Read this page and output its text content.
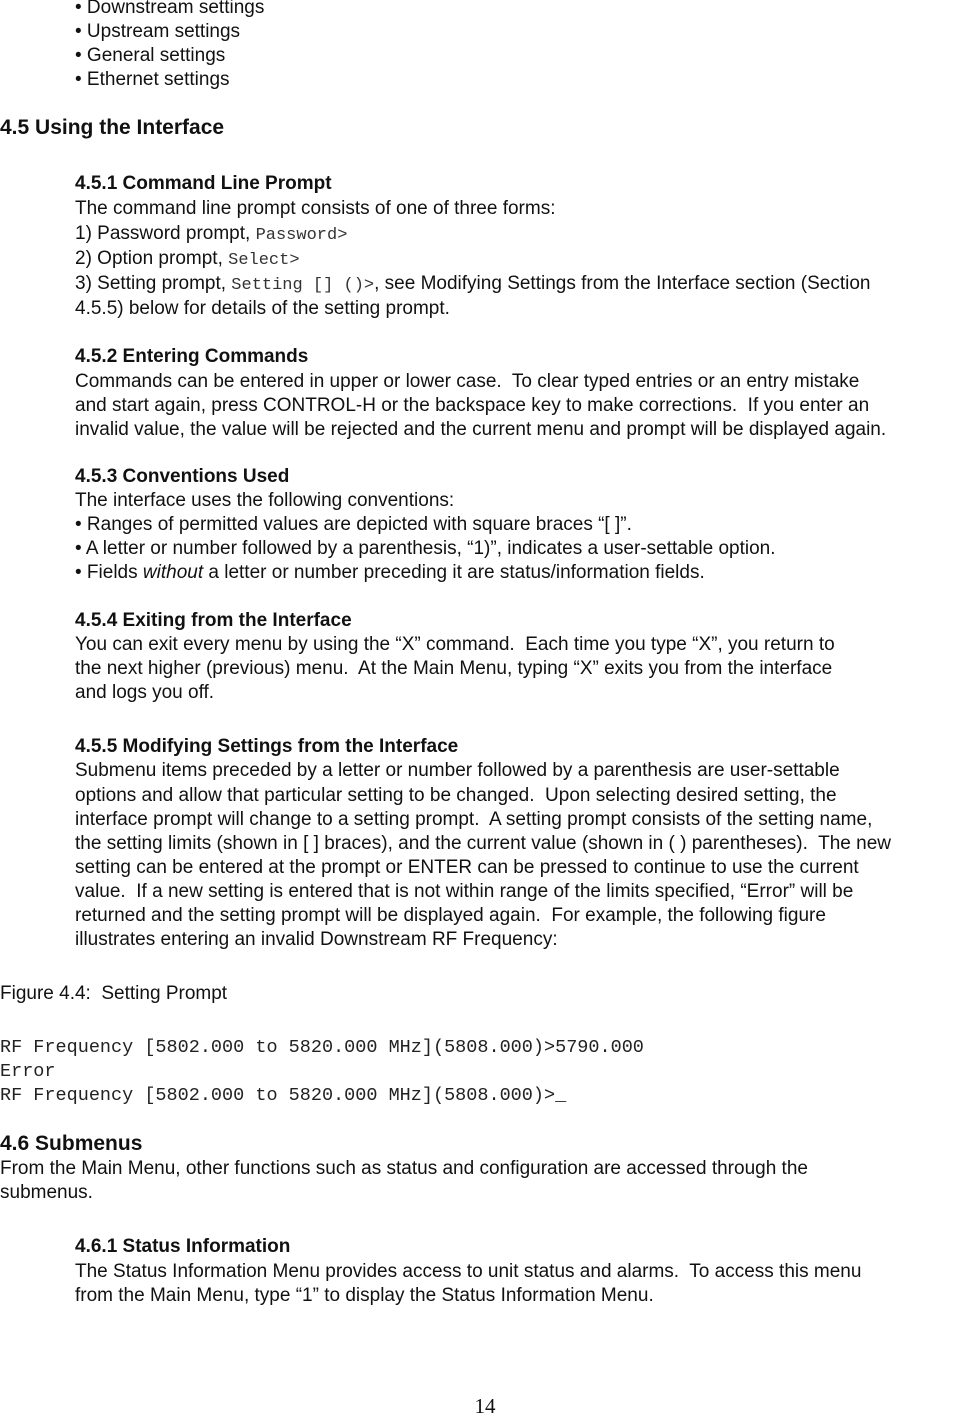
• Downstream settings
• Upstream settings
• General settings
• Ethernet settings
4.5 Using the Interface
4.5.1 Command Line Prompt
The command line prompt consists of one of three forms:
1) Password prompt, Password>
2) Option prompt, Select>
3) Setting prompt, Setting [] ()>, see Modifying Settings from the Interface section (Section
4.5.5) below for details of the setting prompt.
4.5.2 Entering Commands
Commands can be entered in upper or lower case.  To clear typed entries or an entry mistake
and start again, press CONTROL-H or the backspace key to make corrections.  If you enter an
invalid value, the value will be rejected and the current menu and prompt will be displayed again.
4.5.3 Conventions Used
The interface uses the following conventions:
• Ranges of permitted values are depicted with square braces “[ ]”.
• A letter or number followed by a parenthesis, “1)”, indicates a user-settable option.
• Fields without a letter or number preceding it are status/information fields.
4.5.4 Exiting from the Interface
You can exit every menu by using the “X” command.  Each time you type “X”, you return to
the next higher (previous) menu.  At the Main Menu, typing “X” exits you from the interface
and logs you off.
4.5.5 Modifying Settings from the Interface
Submenu items preceded by a letter or number followed by a parenthesis are user-settable
options and allow that particular setting to be changed.  Upon selecting desired setting, the
interface prompt will change to a setting prompt.  A setting prompt consists of the setting name,
the setting limits (shown in [ ] braces), and the current value (shown in ( ) parentheses).  The new
setting can be entered at the prompt or ENTER can be pressed to continue to use the current
value.  If a new setting is entered that is not within range of the limits specified, “Error” will be
returned and the setting prompt will be displayed again.  For example, the following figure
illustrates entering an invalid Downstream RF Frequency:
Figure 4.4:  Setting Prompt
RF Frequency [5802.000 to 5820.000 MHz](5808.000)>5790.000
Error
RF Frequency [5802.000 to 5820.000 MHz](5808.000)>_
4.6 Submenus
From the Main Menu, other functions such as status and configuration are accessed through the
submenus.
4.6.1 Status Information
The Status Information Menu provides access to unit status and alarms.  To access this menu
from the Main Menu, type “1” to display the Status Information Menu.
14
